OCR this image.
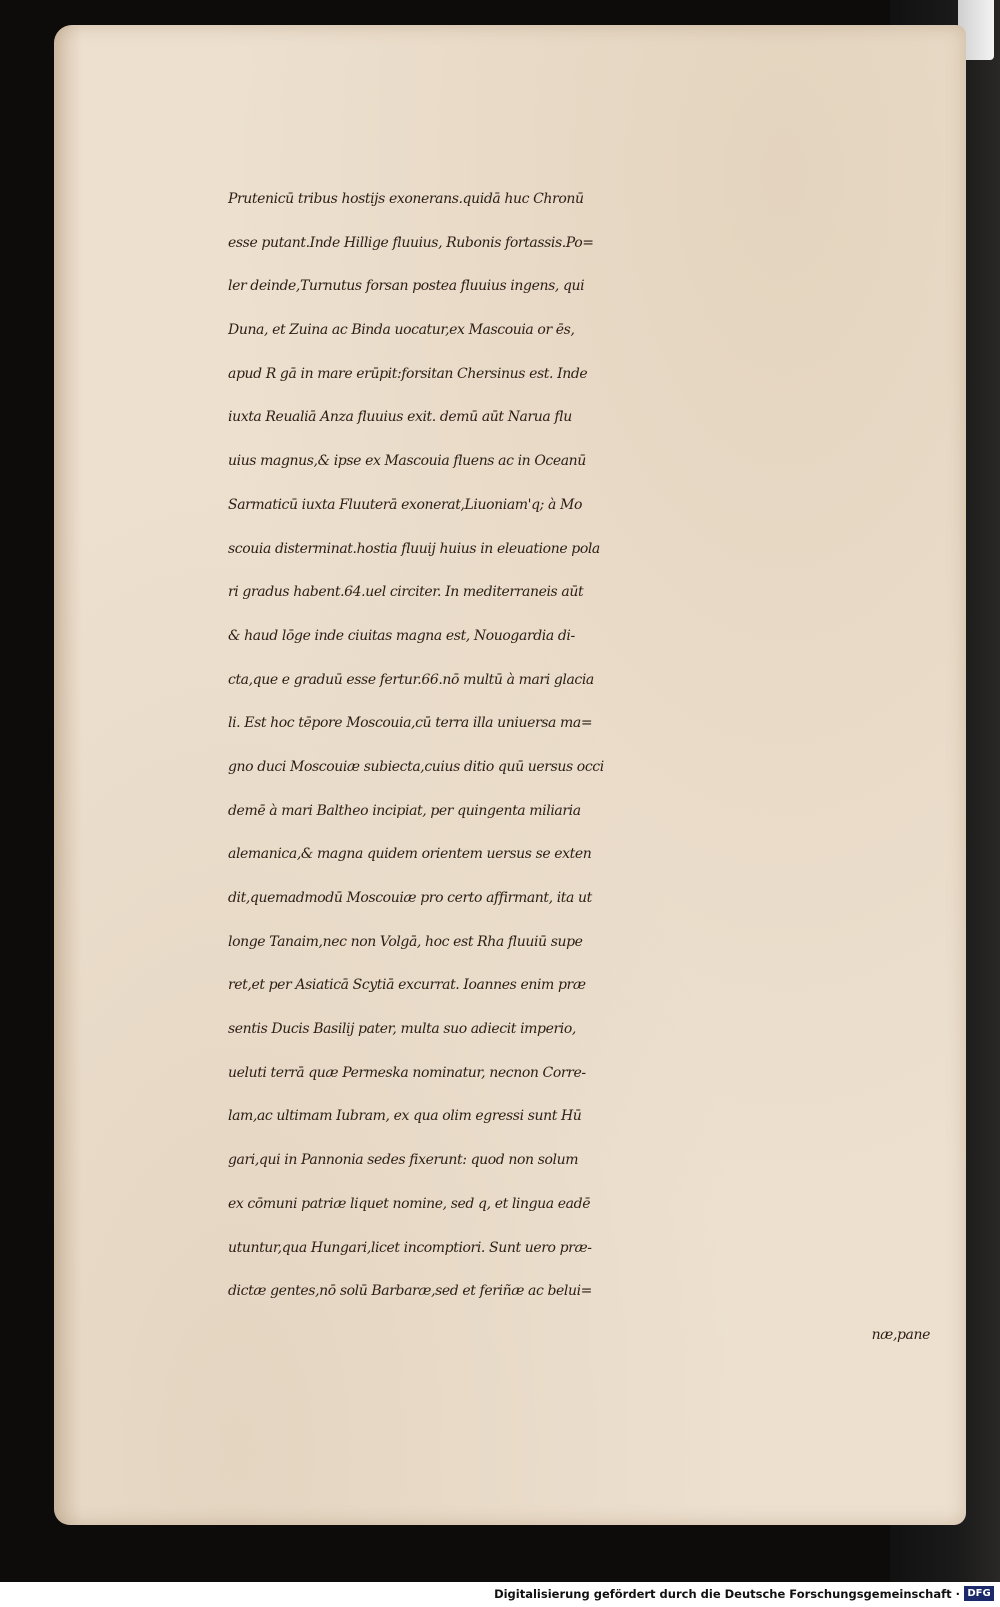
Prutenicū tribus hostijs exonerans.quidā huc Chronū
esse putant.Inde Hillige fluuius, Rubonis fortassis.Po=
ler deinde,Turnutus forsan postea fluuius ingens, qui
Duna, et Zuina ac Binda uocatur,ex Mascouia or ēs,
apud R gā in mare erūpit:forsitan Chersinus est. Inde
iuxta Reualiā Anza fluuius exit. demū aūt Narua flu
uius magnus,& ipse ex Mascouia fluens ac in Oceanū
Sarmaticū iuxta Fluuterā exonerat,Liuoniam'q; à Mo
scouia disterminat.hostia fluuij huius in eleuatione pola
ri gradus habent.64.uel circiter. In mediterraneis aūt
& haud lōge inde ciuitas magna est, Nouogardia di-
cta,que e graduū esse fertur.66.nō multū à mari glacia
li. Est hoc tēpore Moscouia,cū terra illa uniuersa ma=
gno duci Moscouiæ subiecta,cuius ditio quū uersus occi
demē à mari Baltheo incipiat, per quingenta miliaria
alemanica,& magna quidem orientem uersus se exten
dit,quemadmodū Moscouiæ pro certo affirmant, ita ut
longe Tanaim,nec non Volgā, hoc est Rha fluuiū supe
ret,et per Asiaticā Scytiā excurrat. Ioannes enim præ
sentis Ducis Basilij pater, multa suo adiecit imperio,
ueluti terrā quæ Permeska nominatur, necnon Corre-
lam,ac ultimam Iubram, ex qua olim egressi sunt Hū
gari,qui in Pannonia sedes fixerunt: quod non solum
ex cōmuni patriæ liquet nomine, sed q, et lingua eadē
utuntur,qua Hungari,licet incomptiori. Sunt uero præ-
dictæ gentes,nō solū Barbaræ,sed et feriñæ ac belui=
næ,pane
Digitalisierung gefördert durch die Deutsche Forschungsgemeinschaft · DFG
